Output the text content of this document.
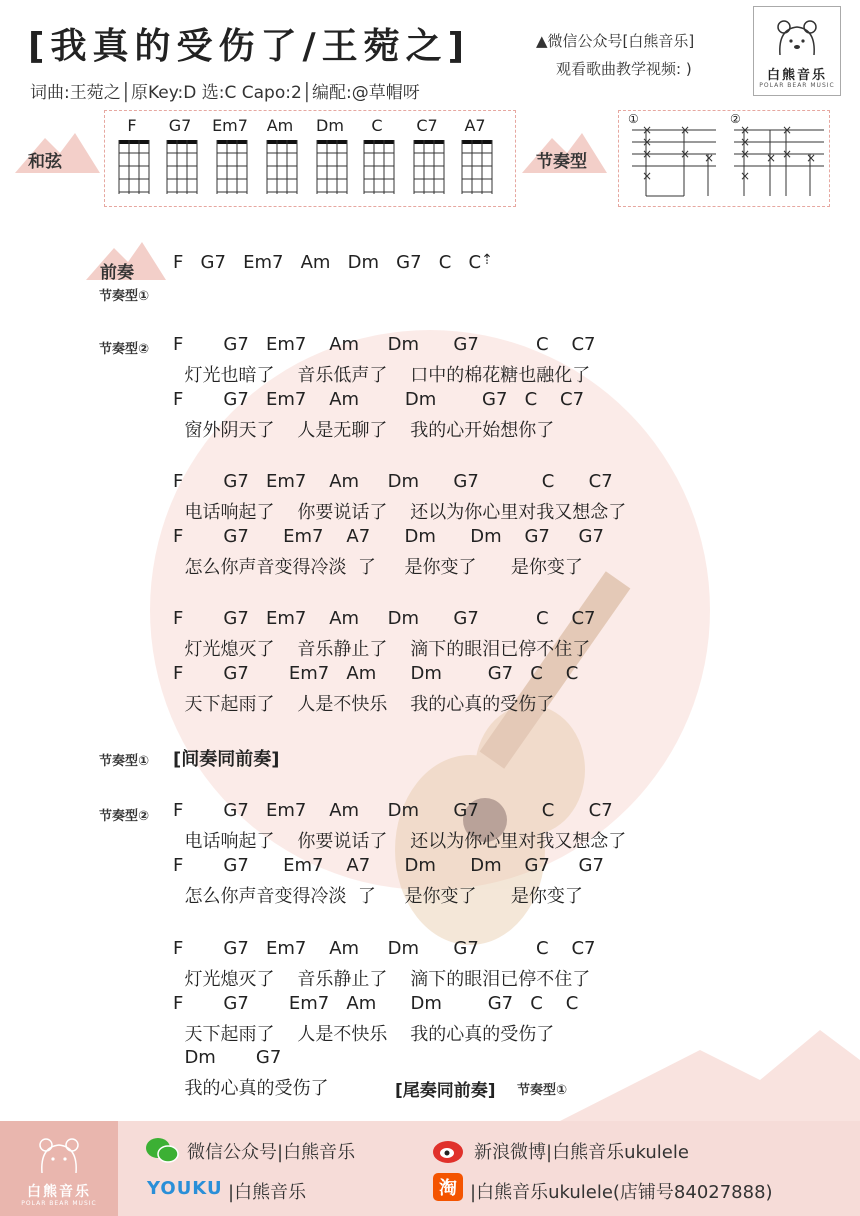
[我真的受伤了/王菀之]
词曲:王菀之│原Key:D 选:C Capo:2│编配:@草帽呀
▲微信公众号[白熊音乐]
观看歌曲教学视频: )	白熊音乐
POLAR BEAR MUSIC
和弦
F	G7	Em7	Am	Dm	C	C7	A7
节奏型
①	②
×
×
×
×
×
× ×
×
×
×
×
×
×
× ×
前奏 F   G7   Em7   Am   Dm   G7   C   C⇡
节奏型①
节奏型② F       G7   Em7    Am     Dm      G7          C    C7
灯光也暗了    音乐低声了    口中的棉花糖也融化了
F       G7   Em7    Am        Dm        G7   C    C7
窗外阴天了    人是无聊了    我的心开始想你了
F       G7   Em7    Am     Dm      G7           C      C7
电话响起了    你要说话了    还以为你心里对我又想念了
F       G7      Em7    A7      Dm      Dm    G7     G7
怎么你声音变得冷淡  了     是你变了      是你变了
F       G7   Em7    Am     Dm      G7          C    C7
灯光熄灭了    音乐静止了    滴下的眼泪已停不住了
F       G7       Em7   Am      Dm        G7   C    C
天下起雨了    人是不快乐    我的心真的受伤了
节奏型① [间奏同前奏]
节奏型② F       G7   Em7    Am     Dm      G7           C      C7
电话响起了    你要说话了    还以为你心里对我又想念了
F       G7      Em7    A7      Dm      Dm    G7     G7
怎么你声音变得冷淡  了     是你变了      是你变了
F       G7   Em7    Am     Dm      G7          C    C7
灯光熄灭了    音乐静止了    滴下的眼泪已停不住了
F       G7       Em7   Am      Dm        G7   C    C
天下起雨了    人是不快乐    我的心真的受伤了
Dm       G7
我的心真的受伤了	[尾奏同前奏] 节奏型①
白熊音乐
POLAR BEAR MUSIC
微信公众号|白熊音乐	新浪微博|白熊音乐ukulele
YOUKU |白熊音乐	淘 |白熊音乐ukulele(店铺号84027888)
